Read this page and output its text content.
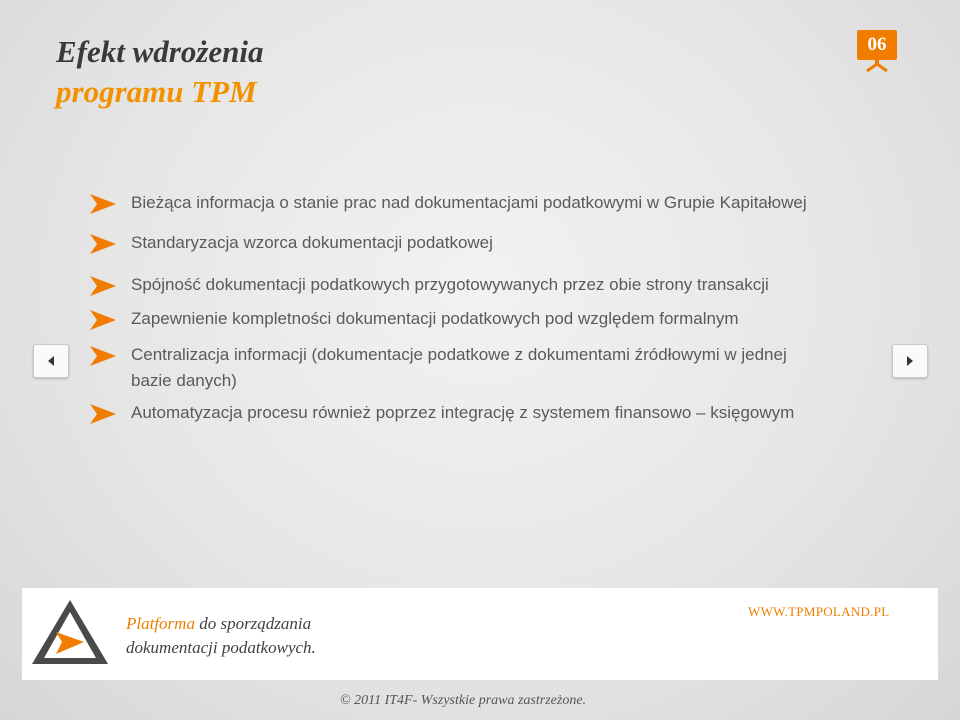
Efekt wdrożenia
programu TPM
06
Bieżąca informacja o stanie prac nad dokumentacjami podatkowymi w Grupie Kapitałowej
Standaryzacja wzorca dokumentacji podatkowej
Spójność dokumentacji podatkowych przygotowywanych przez obie strony transakcji
Zapewnienie kompletności dokumentacji podatkowych pod względem formalnym
Centralizacja informacji (dokumentacje podatkowe z dokumentami źródłowymi w jednej bazie danych)
Automatyzacja procesu również poprzez integrację z systemem finansowo – księgowym
Platforma do sporządzania
dokumentacji podatkowych.
WWW.TPMPOLAND.PL
© 2011 IT4F- Wszystkie prawa zastrzeżone.
